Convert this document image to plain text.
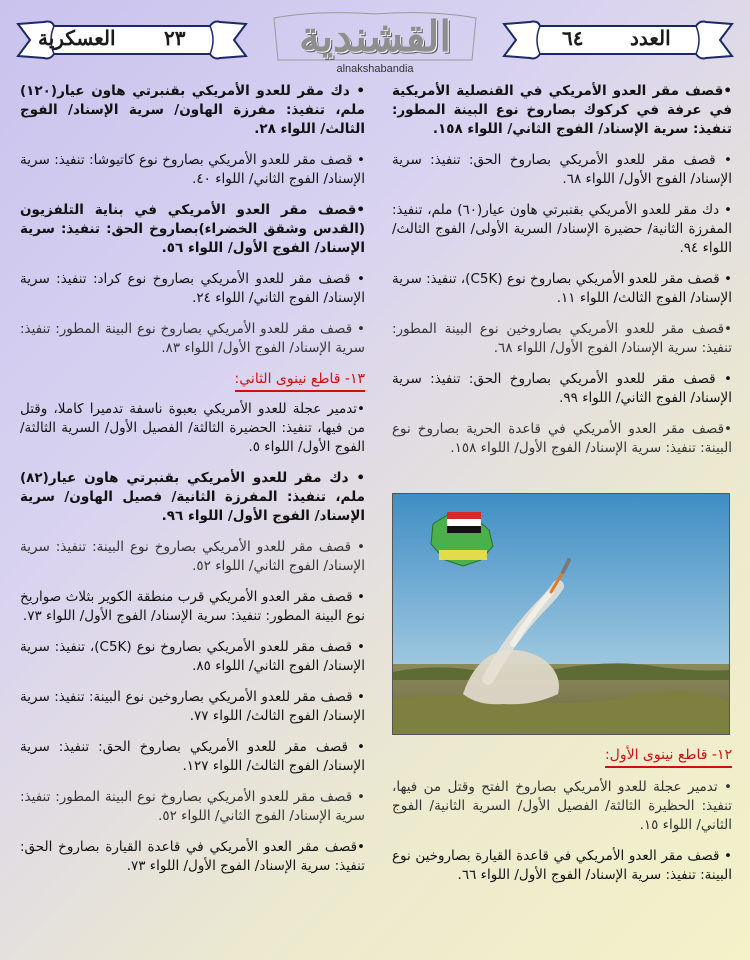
العسكرية ٢٣	القشندية
alnakshabandia
٦٤ العدد

•قصف مقر العدو الأمريكي في القنصلية الأمريكية في عرفة في كركوك بصاروخ نوع البينة المطور: تنفيذ: سرية الإسناد/ الفوج الثاني/ اللواء ١٥٨.

• قصف مقر للعدو الأمريكي بصاروخ الحق: تنفيذ: سرية الإسناد/ الفوج الأول/ اللواء ٦٨.

• دك مقر للعدو الأمريكي بقنبرتي هاون عيار(٦٠) ملم، تنفيذ: المفرزة الثانية/ حضيرة الإسناد/ السرية الأولى/ الفوج الثالث/ اللواء ٩٤.

• قصف مقر للعدو الأمريكي بصاروخ نوع (C5K)، تنفيذ: سرية الإسناد/ الفوج الثالث/ اللواء ١١.

•قصف مقر للعدو الأمريكي بصاروخين نوع البينة المطور: تنفيذ: سرية الإسناد/ الفوج الأول/ اللواء ٦٨.

• قصف مقر للعدو الأمريكي بصاروخ الحق: تنفيذ: سرية الإسناد/ الفوج الثاني/ اللواء ٩٩.

•قصف مقر العدو الأمريكي في قاعدة الحرية بصاروخ نوع البينة: تنفيذ: سرية الإسناد/ الفوج الأول/ اللواء ١٥٨.

١٢- قاطع نينوى الأول:

• تدمير عجلة للعدو الأمريكي بصاروخ الفتح وقتل من فيها، تنفيذ: الحظيرة الثالثة/ الفصيل الأول/ السرية الثانية/ الفوج الثاني/ اللواء ١٥.

• قصف مقر العدو الأمريكي في قاعدة القيارة بصاروخين نوع البينة: تنفيذ: سرية الإسناد/ الفوج الأول/ اللواء ٦٦.

• دك مقر للعدو الأمريكي بقنبرتي هاون عيار(١٢٠) ملم، تنفيذ: مفرزة الهاون/ سرية الإسناد/ الفوج الثالث/ اللواء ٢٨.

• قصف مقر للعدو الأمريكي بصاروخ نوع كاتيوشا: تنفيذ: سرية الإسناد/ الفوج الثاني/ اللواء ٤٠.

•قصف مقر العدو الأمريكي في بناية التلفزيون (القدس وشقق الخضراء)بصاروخ الحق: تنفيذ: سرية الإسناد/ الفوج الأول/ اللواء ٥٦.

• قصف مقر للعدو الأمريكي بصاروخ نوع كراد: تنفيذ: سرية الإسناد/ الفوج الثاني/ اللواء ٢٤.

• قصف مقر للعدو الأمريكي بصاروخ نوع البينة المطور: تنفيذ: سرية الإسناد/ الفوج الأول/ اللواء ٨٣.

١٣- قاطع نينوى الثاني:

•تدمير عجلة للعدو الأمريكي بعبوة ناسفة تدميرا كاملا، وقتل من فيها، تنفيذ: الحضيرة الثالثة/ الفصيل الأول/ السرية الثالثة/ الفوج الأول/ اللواء ٥.

• دك مقر للعدو الأمريكي بقنبرتي هاون عيار(٨٢) ملم، تنفيذ: المفرزة الثانية/ فصيل الهاون/ سرية الإسناد/ الفوج الأول/ اللواء ٩٦.

• قصف مقر للعدو الأمريكي بصاروخ نوع البينة: تنفيذ: سرية الإسناد/ الفوج الثاني/ اللواء ٥٢.

• قصف مقر العدو الأمريكي قرب منطقة الكوير بثلاث صواريخ نوع البينة المطور: تنفيذ: سرية الإسناد/ الفوج الأول/ اللواء ٧٣.

• قصف مقر للعدو الأمريكي بصاروخ نوع (C5K)، تنفيذ: سرية الإسناد/ الفوج الثاني/ اللواء ٨٥.

• قصف مقر للعدو الأمريكي بصاروخين نوع البينة: تنفيذ: سرية الإسناد/ الفوج الثالث/ اللواء ٧٧.

• قصف مقر للعدو الأمريكي بصاروخ الحق: تنفيذ: سرية الإسناد/ الفوج الثالث/ اللواء ١٢٧.

• قصف مقر للعدو الأمريكي بصاروخ نوع البينة المطور: تنفيذ: سرية الإسناد/ الفوج الثاني/ اللواء ٥٢.

•قصف مقر العدو الأمريكي في قاعدة القيارة بصاروخ الحق: تنفيذ: سرية الإسناد/ الفوج الأول/ اللواء ٧٣.
